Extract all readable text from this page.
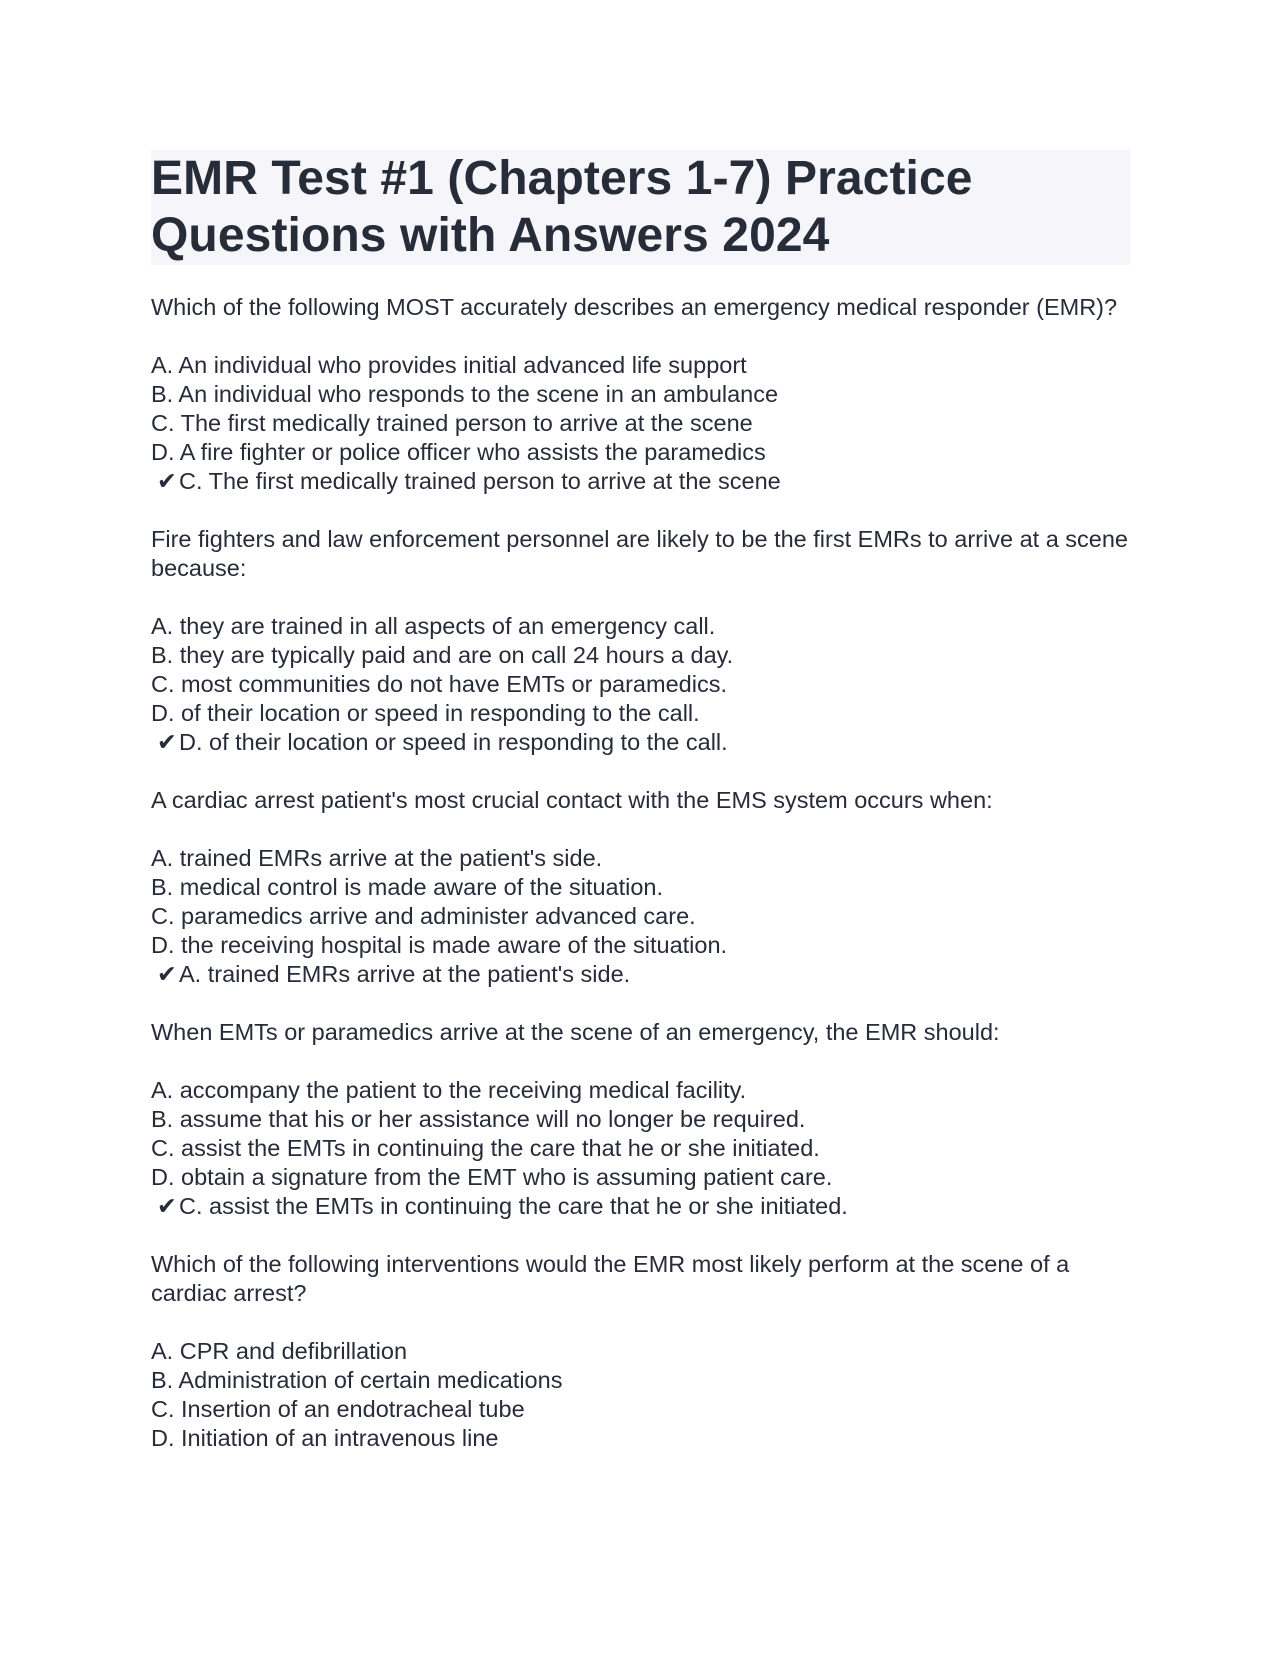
EMR Test #1 (Chapters 1-7) Practice Questions with Answers 2024
Which of the following MOST accurately describes an emergency medical responder (EMR)?
A. An individual who provides initial advanced life support
B. An individual who responds to the scene in an ambulance
C. The first medically trained person to arrive at the scene
D. A fire fighter or police officer who assists the paramedics
✔C. The first medically trained person to arrive at the scene
Fire fighters and law enforcement personnel are likely to be the first EMRs to arrive at a scene because:
A. they are trained in all aspects of an emergency call.
B. they are typically paid and are on call 24 hours a day.
C. most communities do not have EMTs or paramedics.
D. of their location or speed in responding to the call.
✔D. of their location or speed in responding to the call.
A cardiac arrest patient's most crucial contact with the EMS system occurs when:
A. trained EMRs arrive at the patient's side.
B. medical control is made aware of the situation.
C. paramedics arrive and administer advanced care.
D. the receiving hospital is made aware of the situation.
✔A. trained EMRs arrive at the patient's side.
When EMTs or paramedics arrive at the scene of an emergency, the EMR should:
A. accompany the patient to the receiving medical facility.
B. assume that his or her assistance will no longer be required.
C. assist the EMTs in continuing the care that he or she initiated.
D. obtain a signature from the EMT who is assuming patient care.
✔C. assist the EMTs in continuing the care that he or she initiated.
Which of the following interventions would the EMR most likely perform at the scene of a cardiac arrest?
A. CPR and defibrillation
B. Administration of certain medications
C. Insertion of an endotracheal tube
D. Initiation of an intravenous line
